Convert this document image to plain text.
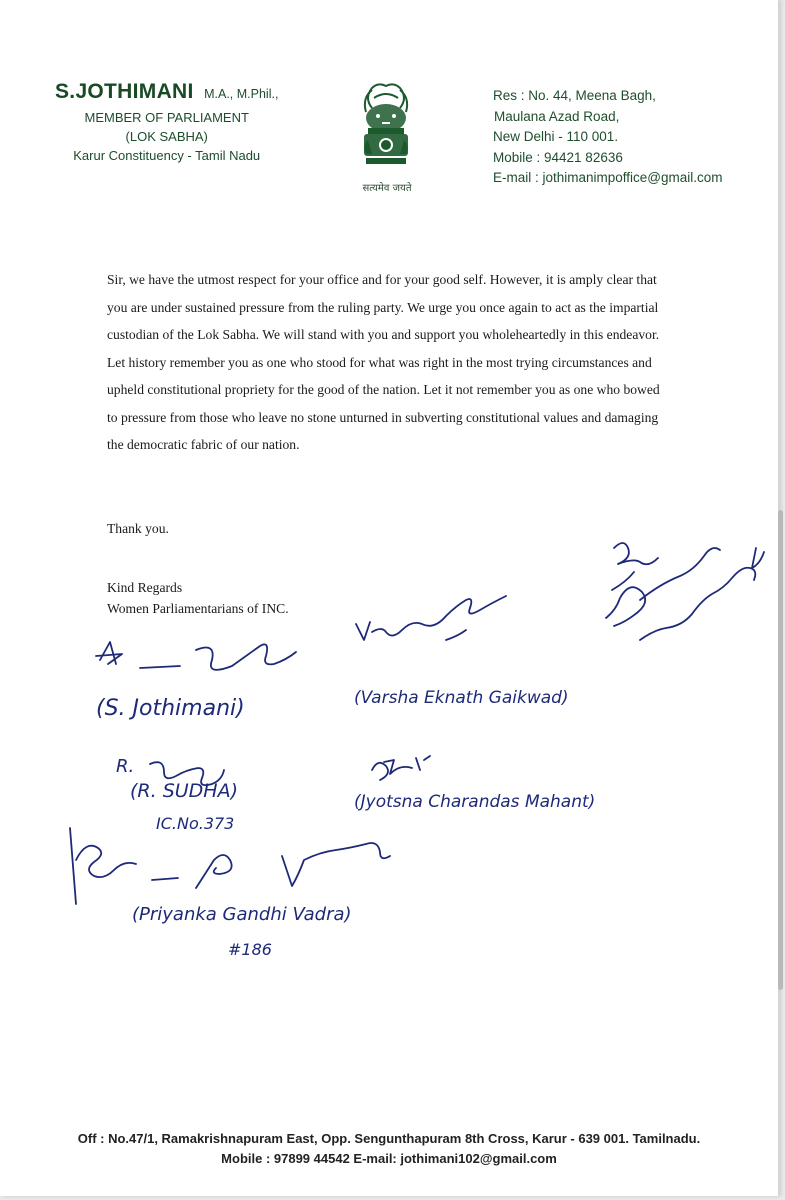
S.JOTHIMANI M.A., M.Phil.,
MEMBER OF PARLIAMENT
(LOK SABHA)
Karur Constituency - Tamil Nadu
सत्यमेव जयते
Res : No. 44, Meena Bagh,
Maulana Azad Road,
New Delhi - 110 001.
Mobile : 94421 82636
E-mail : jothimanimpoffice@gmail.com

Sir, we have the utmost respect for your office and for your good self. However, it is amply clear that you are under sustained pressure from the ruling party. We urge you once again to act as the impartial custodian of the Lok Sabha. We will stand with you and support you wholeheartedly in this endeavor.

Let history remember you as one who stood for what was right in the most trying circumstances and upheld constitutional propriety for the good of the nation. Let it not remember you as one who bowed to pressure from those who leave no stone unturned in subverting constitutional values and damaging the democratic fabric of our nation.

Thank you.
Kind Regards
Women Parliamentarians of INC.
(S. Jothimani)	(Varsha Eknath Gaikwad)
R.
(R. SUDHA)
IC.No.373
(Jyotsna Charandas Mahant)
(Priyanka Gandhi Vadra)
#186
Off : No.47/1, Ramakrishnapuram East, Opp. Sengunthapuram 8th Cross, Karur - 639 001. Tamilnadu.
Mobile : 97899 44542 E-mail: jothimani102@gmail.com
